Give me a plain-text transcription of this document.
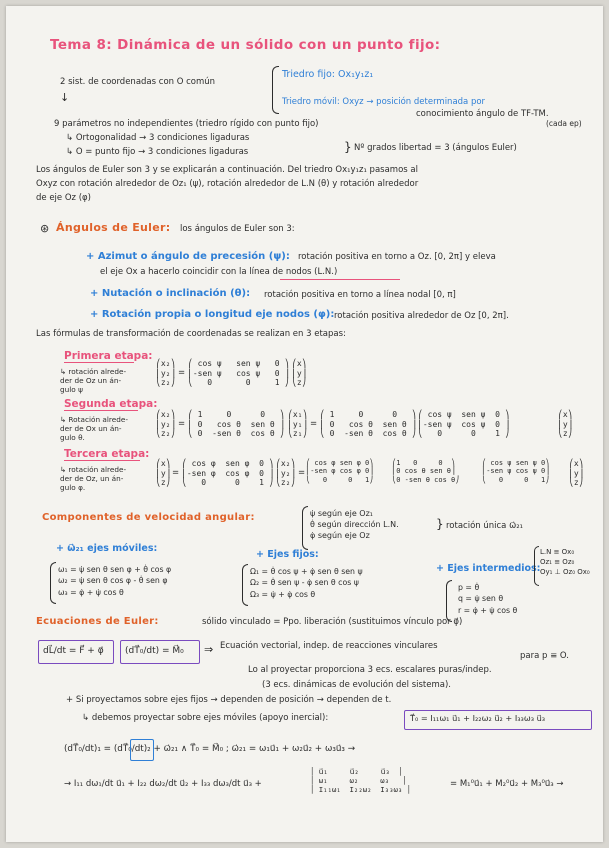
Tema 8: Dinámica de un sólido con un punto fijo:
2 sist. de coordenadas con O común
↓
Triedro fijo: Ox₁y₁z₁
Triedro móvil: Oxyz → posición determinada por
conocimiento ángulo de TF-TM.
(cada ep)
9 parámetros no independientes (triedro rígido con punto fijo)
↳ Ortogonalidad → 3 condiciones ligaduras
↳ O = punto fijo → 3 condiciones ligaduras	} Nº grados libertad = 3 (ángulos Euler)
Los ángulos de Euler son 3 y se explicarán a continuación. Del triedro Ox₁y₁z₁ pasamos al
Oxyz con rotación alrededor de Oz₁ (ψ), rotación alrededor de L.N (θ) y rotación alrededor
de eje Oz (φ)
⊛ Ángulos de Euler: los ángulos de Euler son 3:
+ Azimut o ángulo de precesión (ψ): rotación positiva en torno a Oz. [0, 2π] y eleva
el eje Ox a hacerlo coincidir con la línea de nodos (L.N.)
+ Nutación o inclinación (θ): rotación positiva en torno a línea nodal [0, π]
+ Rotación propia o longitud eje nodos (φ): rotación positiva alrededor de Oz [0, 2π].
Las fórmulas de transformación de coordenadas se realizan en 3 etapas:
Primera etapa:
↳ rotación alrede-
der de Oz un án-
gulo ψ
⎛x₂⎞
⎜y₂⎟
⎝z₂⎠
=
⎛ cos ψ   sen ψ   0 ⎞
⎜-sen ψ   cos ψ   0 ⎟
⎝   0       0     1 ⎠
⎛x⎞
⎜y⎟
⎝z⎠
Segunda etapa:
↳ Rotación alrede-
der de Ox un án-
gulo θ.
⎛x₂⎞
⎜y₂⎟
⎝z₂⎠
=
⎛ 1     0      0   ⎞
⎜ 0   cos θ  sen θ ⎟
⎝ 0  -sen θ  cos θ ⎠
⎛x₁⎞
⎜y₁⎟
⎝z₁⎠
=
⎛ 1     0      0   ⎞
⎜ 0   cos θ  sen θ ⎟
⎝ 0  -sen θ  cos θ ⎠
⎛ cos ψ  sen ψ  0 ⎞
⎜-sen ψ  cos ψ  0 ⎟
⎝   0      0    1 ⎠
⎛x⎞
⎜y⎟
⎝z⎠
Tercera etapa:
↳ rotación alrede-
der de Oz, un án-
gulo φ.
⎛x⎞
⎜y⎟
⎝z⎠
=
⎛ cos φ  sen φ  0 ⎞
⎜-sen φ  cos φ  0 ⎟
⎝   0      0    1 ⎠
⎛x₂⎞
⎜y₂⎟
⎝z₂⎠
=
⎛ cos φ sen φ 0⎞
⎜-sen φ cos φ 0⎟
⎝   0     0   1⎠
⎛1   0     0  ⎞
⎜0 cos θ sen θ⎟
⎝0 -sen θ cos θ⎠
⎛ cos ψ sen ψ 0⎞
⎜-sen ψ cos ψ 0⎟
⎝   0     0   1⎠
⎛x⎞
⎜y⎟
⎝z⎠
Componentes de velocidad angular:	ψ̇ según eje Oz₁
θ̇ según dirección L.N.
φ̇ según eje Oz
} rotación única ω⃗₂₁
+ ω⃗₂₁ ejes móviles:
ω₁ = ψ̇ sen θ sen φ + θ̇ cos φ
ω₂ = ψ̇ sen θ cos φ - θ̇ sen φ
ω₃ = φ̇ + ψ̇ cos θ
+ Ejes fijos:
Ω₁ = θ̇ cos ψ + φ̇ sen θ sen ψ
Ω₂ = θ̇ sen ψ - φ̇ sen θ cos ψ
Ω₃ = ψ̇ + φ̇ cos θ
+ Ejes intermedios:
L.N ≡ Ox₀
Oz₁ ≡ Oz₀
Oy₁ ⊥ Oz₀ Ox₀
p = θ̇
q = ψ̇ sen θ
r = φ̇ + ψ̇ cos θ
Ecuaciones de Euler:	sólido vinculado = Ppo. liberación (sustituimos vínculo por φ⃗)
dL⃗/dt = F⃗ + φ⃗ (dT⃗₀/dt) = M⃗₀ ⇒ Ecuación vectorial, indep. de reacciones vinculares
para p ≡ O.
Lo al proyectar proporciona 3 ecs. escalares puras/indep.
(3 ecs. dinámicas de evolución del sistema).
+ Si proyectamos sobre ejes fijos → dependen de posición → dependen de t.
↳ debemos proyectar sobre ejes móviles (apoyo inercial):	T⃗₀ = I₁₁ω₁ u⃗₁ + I₂₂ω₂ u⃗₂ + I₃₃ω₃ u⃗₃
(dT⃗₀/dt)₁ = (dT⃗₀/dt)₂ + ω⃗₂₁ ∧ T⃗₀ = M⃗₀ ; ω⃗₂₁ = ω₁u⃗₁ + ω₂u⃗₂ + ω₃u⃗₃ →
→ I₁₁ dω₁/dt u⃗₁ + I₂₂ dω₂/dt u⃗₂ + I₃₃ dω₃/dt u⃗₃ +
│ u⃗₁     u⃗₂     u⃗₃  │
│ ω₁     ω₂     ω₃   │
│ I₁₁ω₁  I₂₂ω₂  I₃₃ω₃ │	= M₁⁰u⃗₁ + M₂⁰u⃗₂ + M₃⁰u⃗₃ →
